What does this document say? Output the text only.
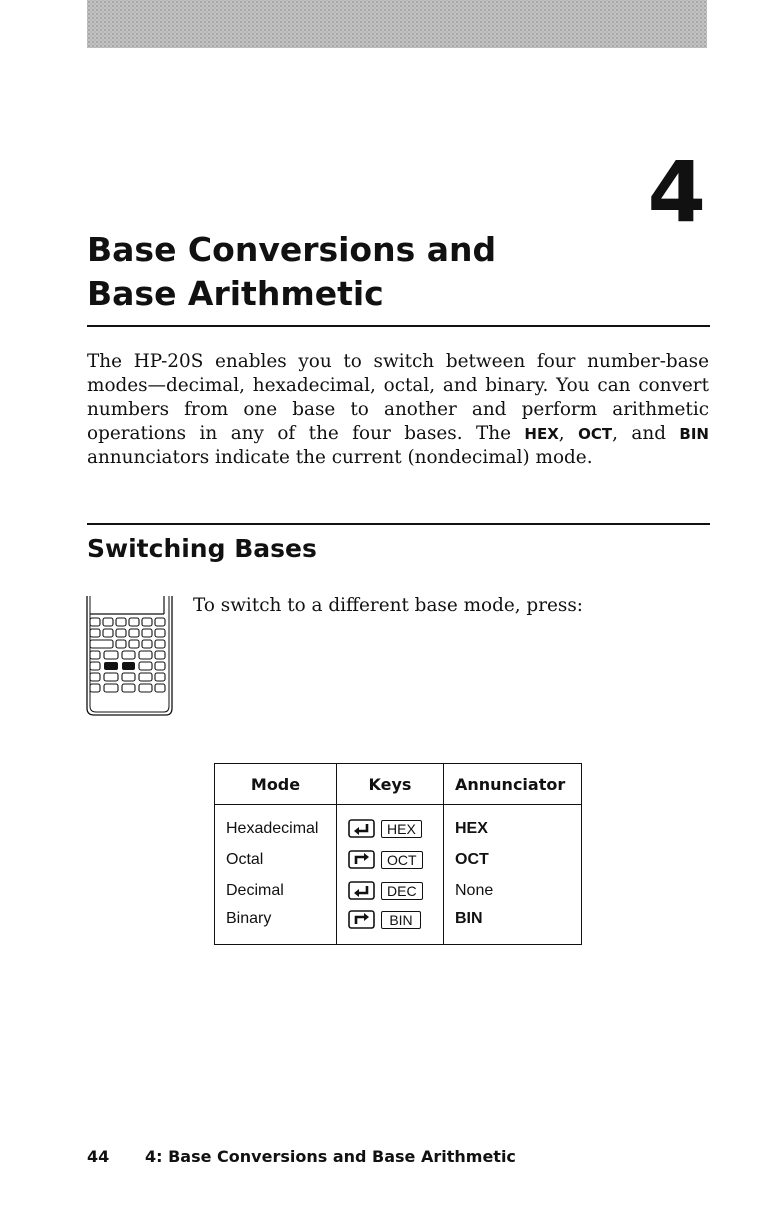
4
Base Conversions and
Base Arithmetic

The HP-20S enables you to switch between four number-base modes—decimal, hexadecimal, octal, and binary. You can convert numbers from one base to another and perform arithmetic operations in any of the four bases. The HEX, OCT, and BIN annunciators indicate the current (nondecimal) mode.

Switching Bases

To switch to a different base mode, press:

Mode	Keys	Annunciator
Hexadecimal	HEX	HEX
Octal	OCT	OCT
Decimal	DEC	None
Binary	BIN	BIN

44 4: Base Conversions and Base Arithmetic
